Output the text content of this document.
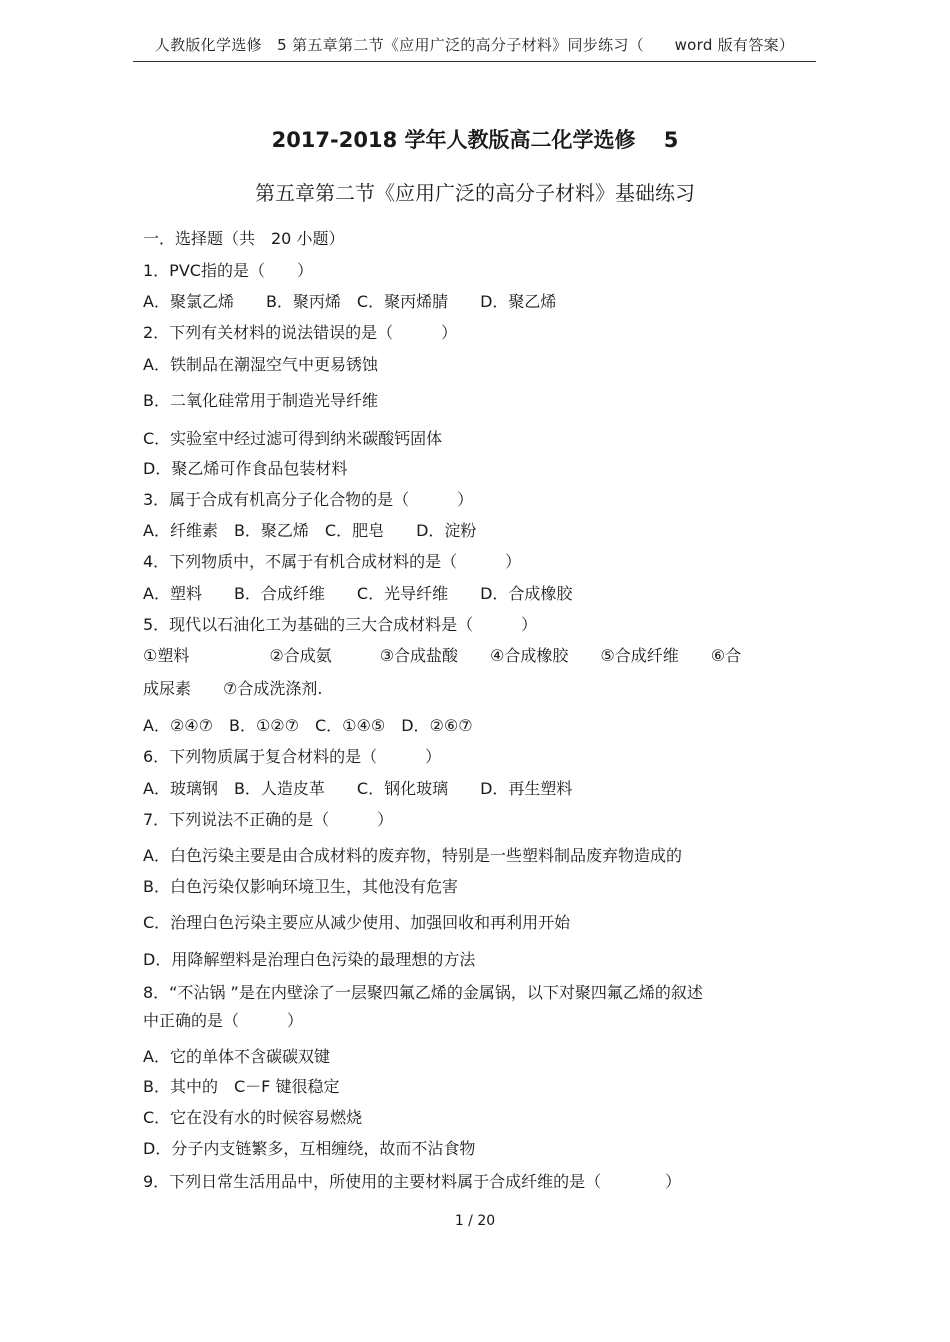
人教版化学选修　5 第五章第二节《应用广泛的高分子材料》同步练习（　　word 版有答案）
2017-2018 学年人教版高二化学选修　 5
第五章第二节《应用广泛的高分子材料》基础练习
一．选择题（共　20 小题）
1．PVC指的是（　　）
A．聚氯乙烯　　B．聚丙烯　C．聚丙烯腈　　D．聚乙烯
2．下列有关材料的说法错误的是（　　　）
A．铁制品在潮湿空气中更易锈蚀
B．二氧化硅常用于制造光导纤维
C．实验室中经过滤可得到纳米碳酸钙固体
D．聚乙烯可作食品包装材料
3．属于合成有机高分子化合物的是（　　　）
A．纤维素　B．聚乙烯　C．肥皂　　D．淀粉
4．下列物质中，不属于有机合成材料的是（　　　）
A．塑料　　B．合成纤维　　C．光导纤维　　D．合成橡胶
5．现代以石油化工为基础的三大合成材料是（　　　）
①塑料　　　　　②合成氨　　　③合成盐酸　　④合成橡胶　　⑤合成纤维　　⑥合
成尿素　　⑦合成洗涤剂.
A．②④⑦　B．①②⑦　C．①④⑤　D．②⑥⑦
6．下列物质属于复合材料的是（　　　）
A．玻璃钢　B．人造皮革　　C．钢化玻璃　　D．再生塑料
7．下列说法不正确的是（　　　）
A．白色污染主要是由合成材料的废弃物，特别是一些塑料制品废弃物造成的
B．白色污染仅影响环境卫生，其他没有危害
C．治理白色污染主要应从减少使用、加强回收和再利用开始
D．用降解塑料是治理白色污染的最理想的方法
8．“不沾锅 ”是在内壁涂了一层聚四氟乙烯的金属锅，以下对聚四氟乙烯的叙述
中正确的是（　　　）
A．它的单体不含碳碳双键
B．其中的　C－F 键很稳定
C．它在没有水的时候容易燃烧
D．分子内支链繁多，互相缠绕，故而不沾食物
9．下列日常生活用品中，所使用的主要材料属于合成纤维的是（　　　　）
1 / 20
